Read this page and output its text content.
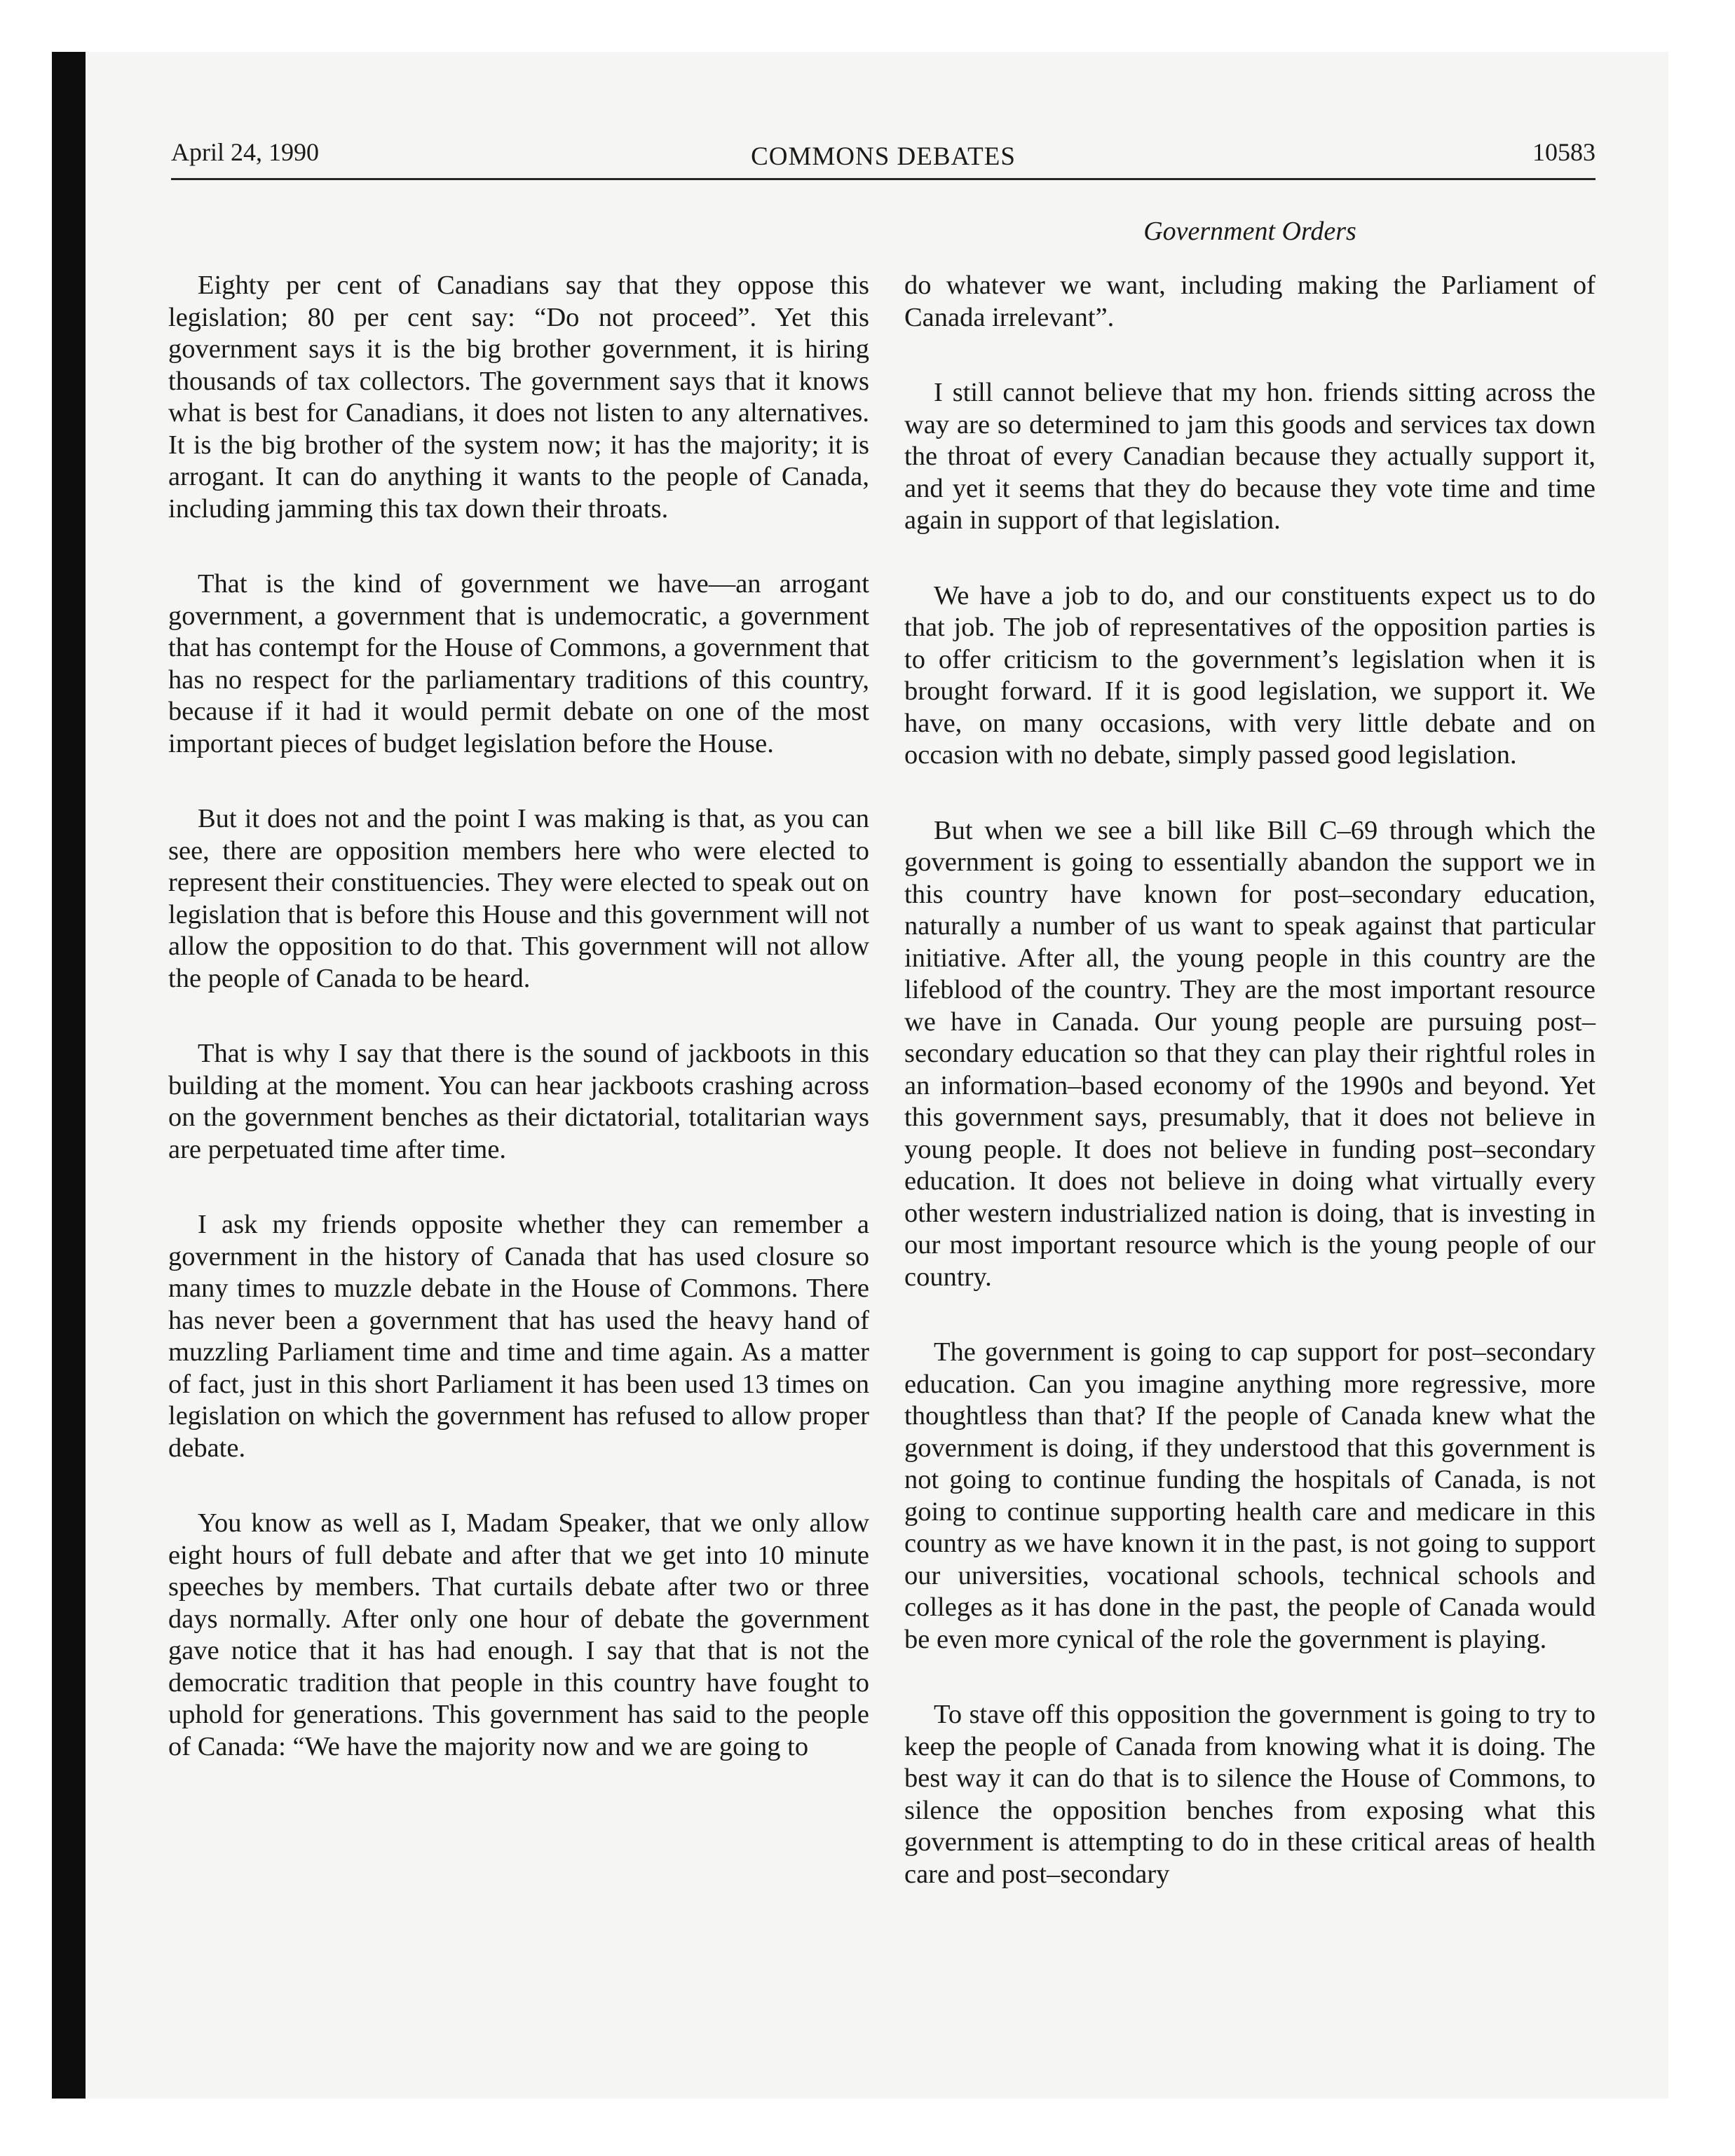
April 24, 1990	COMMONS DEBATES	10583
Government Orders

Eighty per cent of Canadians say that they oppose this legislation; 80 per cent say: “Do not proceed”. Yet this government says it is the big brother government, it is hiring thousands of tax collectors. The government says that it knows what is best for Canadians, it does not listen to any alternatives. It is the big brother of the system now; it has the majority; it is arrogant. It can do anything it wants to the people of Canada, including jamming this tax down their throats.

That is the kind of government we have—an arrogant government, a government that is undemocratic, a government that has contempt for the House of Commons, a government that has no respect for the parliamentary traditions of this country, because if it had it would permit debate on one of the most important pieces of budget legislation before the House.

But it does not and the point I was making is that, as you can see, there are opposition members here who were elected to represent their constituencies. They were elected to speak out on legislation that is before this House and this government will not allow the opposition to do that. This government will not allow the people of Canada to be heard.

That is why I say that there is the sound of jackboots in this building at the moment. You can hear jackboots crashing across on the government benches as their dictatorial, totalitarian ways are perpetuated time after time.

I ask my friends opposite whether they can remember a government in the history of Canada that has used closure so many times to muzzle debate in the House of Commons. There has never been a government that has used the heavy hand of muzzling Parliament time and time and time again. As a matter of fact, just in this short Parliament it has been used 13 times on legislation on which the government has refused to allow proper debate.

You know as well as I, Madam Speaker, that we only allow eight hours of full debate and after that we get into 10 minute speeches by members. That curtails debate after two or three days normally. After only one hour of debate the government gave notice that it has had enough. I say that that is not the democratic tradition that people in this country have fought to uphold for generations. This government has said to the people of Canada: “We have the majority now and we are going to

do whatever we want, including making the Parliament of Canada irrelevant”.

I still cannot believe that my hon. friends sitting across the way are so determined to jam this goods and services tax down the throat of every Canadian because they actually support it, and yet it seems that they do because they vote time and time again in support of that legislation.

We have a job to do, and our constituents expect us to do that job. The job of representatives of the opposition parties is to offer criticism to the government’s legislation when it is brought forward. If it is good legislation, we support it. We have, on many occasions, with very little debate and on occasion with no debate, simply passed good legislation.

But when we see a bill like Bill C–69 through which the government is going to essentially abandon the support we in this country have known for post–secondary education, naturally a number of us want to speak against that particular initiative. After all, the young people in this country are the lifeblood of the country. They are the most important resource we have in Canada. Our young people are pursuing post–secondary education so that they can play their rightful roles in an information–based economy of the 1990s and beyond. Yet this government says, presumably, that it does not believe in young people. It does not believe in funding post–secondary education. It does not believe in doing what virtually every other western industrialized nation is doing, that is investing in our most important resource which is the young people of our country.

The government is going to cap support for post–secondary education. Can you imagine anything more regressive, more thoughtless than that? If the people of Canada knew what the government is doing, if they understood that this government is not going to continue funding the hospitals of Canada, is not going to continue supporting health care and medicare in this country as we have known it in the past, is not going to support our universities, vocational schools, technical schools and colleges as it has done in the past, the people of Canada would be even more cynical of the role the government is playing.

To stave off this opposition the government is going to try to keep the people of Canada from knowing what it is doing. The best way it can do that is to silence the House of Commons, to silence the opposition benches from exposing what this government is attempting to do in these critical areas of health care and post–secondary
